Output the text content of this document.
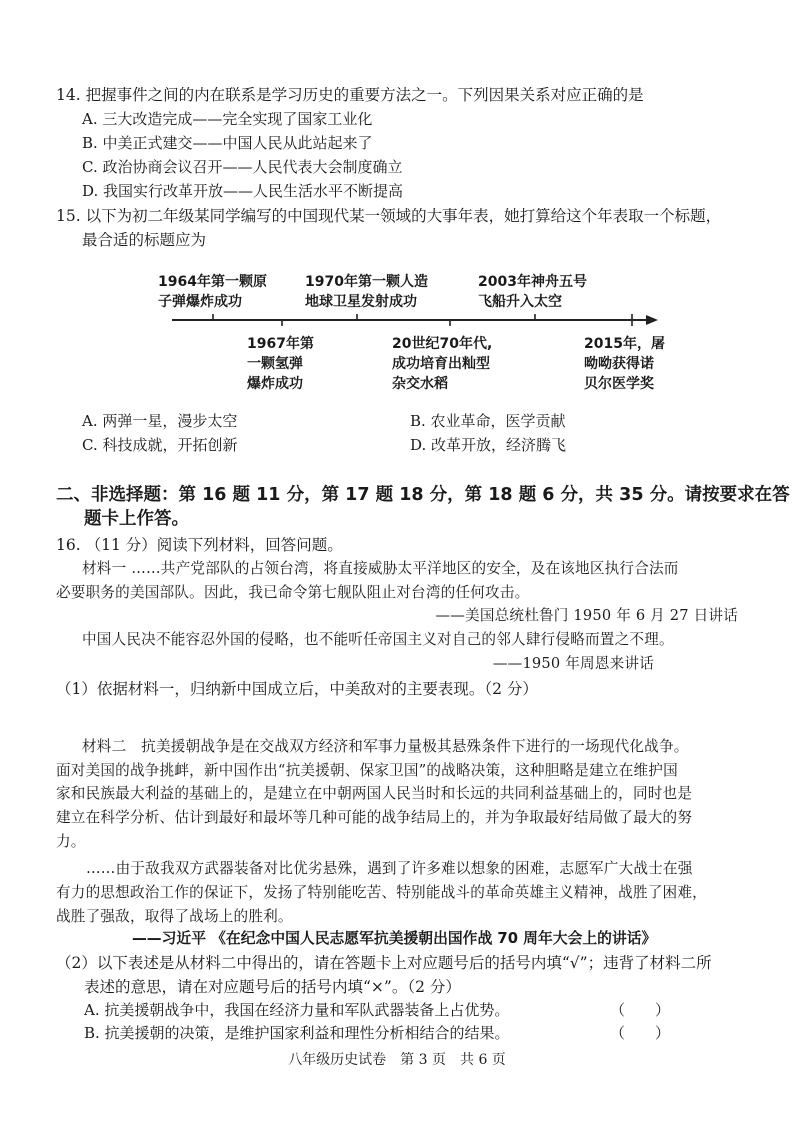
14. 把握事件之间的内在联系是学习历史的重要方法之一。下列因果关系对应正确的是
A. 三大改造完成——完全实现了国家工业化
B. 中美正式建交——中国人民从此站起来了
C. 政治协商会议召开——人民代表大会制度确立
D. 我国实行改革开放——人民生活水平不断提高
15. 以下为初二年级某同学编写的中国现代某一领域的大事年表，她打算给这个年表取一个标题，
最合适的标题应为
1964年第一颗原
子弹爆炸成功
1970年第一颗人造
地球卫星发射成功
2003年神舟五号
飞船升入太空
1967年第
一颗氢弹
爆炸成功
20世纪70年代,
成功培育出籼型
杂交水稻
2015年，屠
呦呦获得诺
贝尔医学奖
A. 两弹一星，漫步太空	B. 农业革命，医学贡献
C. 科技成就，开拓创新	D. 改革开放，经济腾飞
二、非选择题：第 16 题 11 分，第 17 题 18 分，第 18 题 6 分，共 35 分。请按要求在答
题卡上作答。
16. （11 分）阅读下列材料，回答问题。
材料一 ……共产党部队的占领台湾，将直接威胁太平洋地区的安全，及在该地区执行合法而
必要职务的美国部队。因此，我已命令第七舰队阻止对台湾的任何攻击。
——美国总统杜鲁门 1950 年 6 月 27 日讲话
中国人民决不能容忍外国的侵略，也不能听任帝国主义对自己的邻人肆行侵略而置之不理。
——1950 年周恩来讲话
（1）依据材料一，归纳新中国成立后，中美敌对的主要表现。（2 分）
材料二　抗美援朝战争是在交战双方经济和军事力量极其悬殊条件下进行的一场现代化战争。
面对美国的战争挑衅，新中国作出“抗美援朝、保家卫国”的战略决策，这种胆略是建立在维护国
家和民族最大利益的基础上的，是建立在中朝两国人民当时和长远的共同利益基础上的，同时也是
建立在科学分析、估计到最好和最坏等几种可能的战争结局上的，并为争取最好结局做了最大的努
力。
……由于敌我双方武器装备对比优劣悬殊，遇到了许多难以想象的困难，志愿军广大战士在强
有力的思想政治工作的保证下，发扬了特别能吃苦、特别能战斗的革命英雄主义精神，战胜了困难，
战胜了强敌，取得了战场上的胜利。
——习近平 《在纪念中国人民志愿军抗美援朝出国作战 70 周年大会上的讲话》
（2）以下表述是从材料二中得出的，请在答题卡上对应题号后的括号内填“√”；违背了材料二所
表述的意思，请在对应题号后的括号内填“×”。（2 分）
A. 抗美援朝战争中，我国在经济力量和军队武器装备上占优势。	（　　）
B. 抗美援朝的决策，是维护国家利益和理性分析相结合的结果。	（　　）
八年级历史试卷　第 3 页　共 6 页
